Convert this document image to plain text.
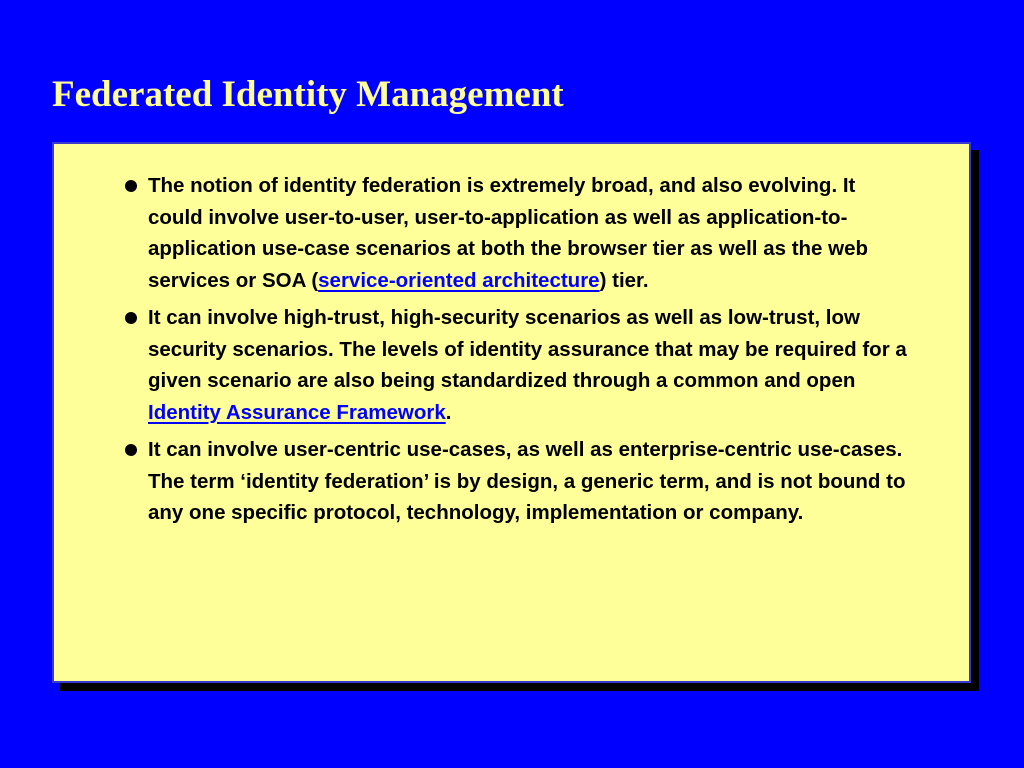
Federated Identity Management
The notion of identity federation is extremely broad, and also evolving. It could involve user-to-user, user-to-application as well as application-to-application use-case scenarios at both the browser tier as well as the web services or SOA (service-oriented architecture) tier.
It can involve high-trust, high-security scenarios as well as low-trust, low security scenarios. The levels of identity assurance that may be required for a given scenario are also being standardized through a common and open Identity Assurance Framework.
It can involve user-centric use-cases, as well as enterprise-centric use-cases. The term ‘identity federation’ is by design, a generic term, and is not bound to any one specific protocol, technology, implementation or company.
